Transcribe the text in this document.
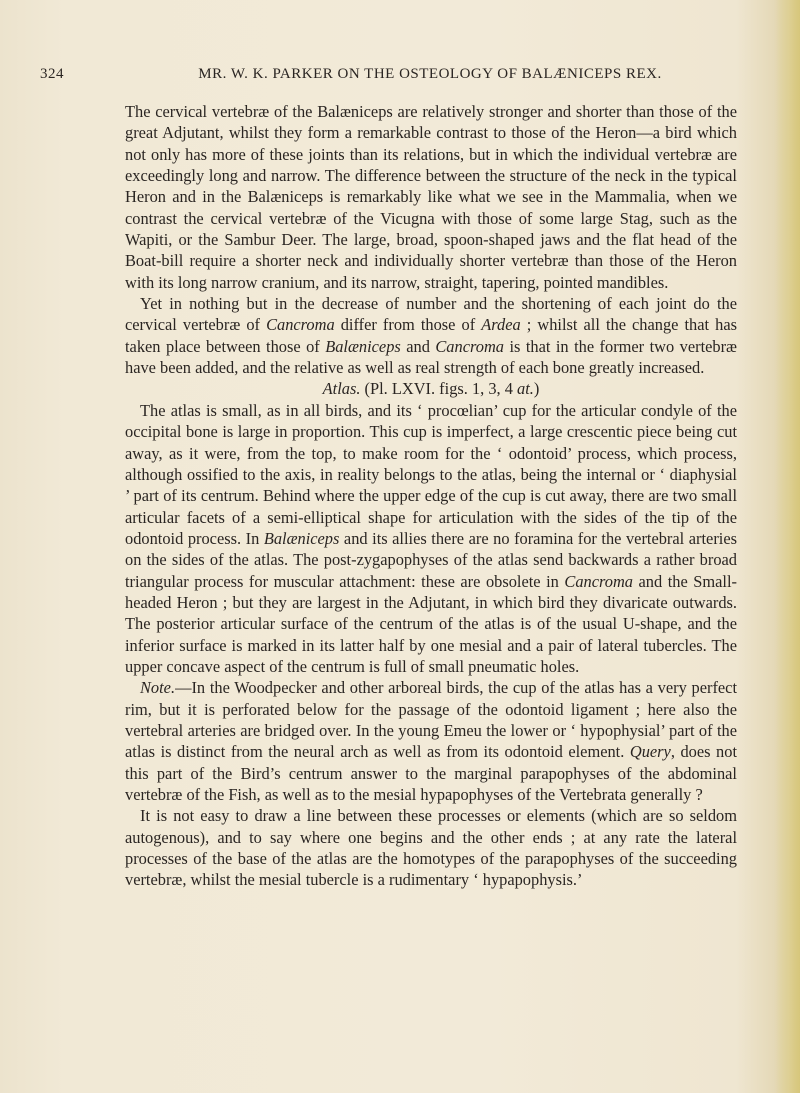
324	MR. W. K. PARKER ON THE OSTEOLOGY OF BALÆNICEPS REX.

The cervical vertebræ of the Balæniceps are relatively stronger and shorter than those of the great Adjutant, whilst they form a remarkable contrast to those of the Heron—a bird which not only has more of these joints than its relations, but in which the individual vertebræ are exceedingly long and narrow. The difference between the structure of the neck in the typical Heron and in the Balæniceps is remarkably like what we see in the Mammalia, when we contrast the cervical vertebræ of the Vicugna with those of some large Stag, such as the Wapiti, or the Sambur Deer. The large, broad, spoon-shaped jaws and the flat head of the Boat-bill require a shorter neck and individually shorter vertebræ than those of the Heron with its long narrow cranium, and its narrow, straight, tapering, pointed mandibles.

Yet in nothing but in the decrease of number and the shortening of each joint do the cervical vertebræ of Cancroma differ from those of Ardea ; whilst all the change that has taken place between those of Balæniceps and Cancroma is that in the former two vertebræ have been added, and the relative as well as real strength of each bone greatly increased.

Atlas. (Pl. LXVI. figs. 1, 3, 4 at.)

The atlas is small, as in all birds, and its ‘ procœlian’ cup for the articular condyle of the occipital bone is large in proportion. This cup is imperfect, a large crescentic piece being cut away, as it were, from the top, to make room for the ‘ odontoid’ process, which process, although ossified to the axis, in reality belongs to the atlas, being the internal or ‘ diaphysial ’ part of its centrum. Behind where the upper edge of the cup is cut away, there are two small articular facets of a semi-elliptical shape for articulation with the sides of the tip of the odontoid process. In Balæniceps and its allies there are no foramina for the vertebral arteries on the sides of the atlas. The post-zygapophyses of the atlas send backwards a rather broad triangular process for muscular attachment: these are obsolete in Cancroma and the Small-headed Heron ; but they are largest in the Adjutant, in which bird they divaricate outwards. The posterior articular surface of the centrum of the atlas is of the usual U-shape, and the inferior surface is marked in its latter half by one mesial and a pair of lateral tubercles. The upper concave aspect of the centrum is full of small pneumatic holes.

Note.—In the Woodpecker and other arboreal birds, the cup of the atlas has a very perfect rim, but it is perforated below for the passage of the odontoid ligament ; here also the vertebral arteries are bridged over. In the young Emeu the lower or ‘ hypophysial’ part of the atlas is distinct from the neural arch as well as from its odontoid element. Query, does not this part of the Bird’s centrum answer to the marginal parapophyses of the abdominal vertebræ of the Fish, as well as to the mesial hypapophyses of the Vertebrata generally ?

It is not easy to draw a line between these processes or elements (which are so seldom autogenous), and to say where one begins and the other ends ; at any rate the lateral processes of the base of the atlas are the homotypes of the parapophyses of the succeeding vertebræ, whilst the mesial tubercle is a rudimentary ‘ hypapophysis.’
